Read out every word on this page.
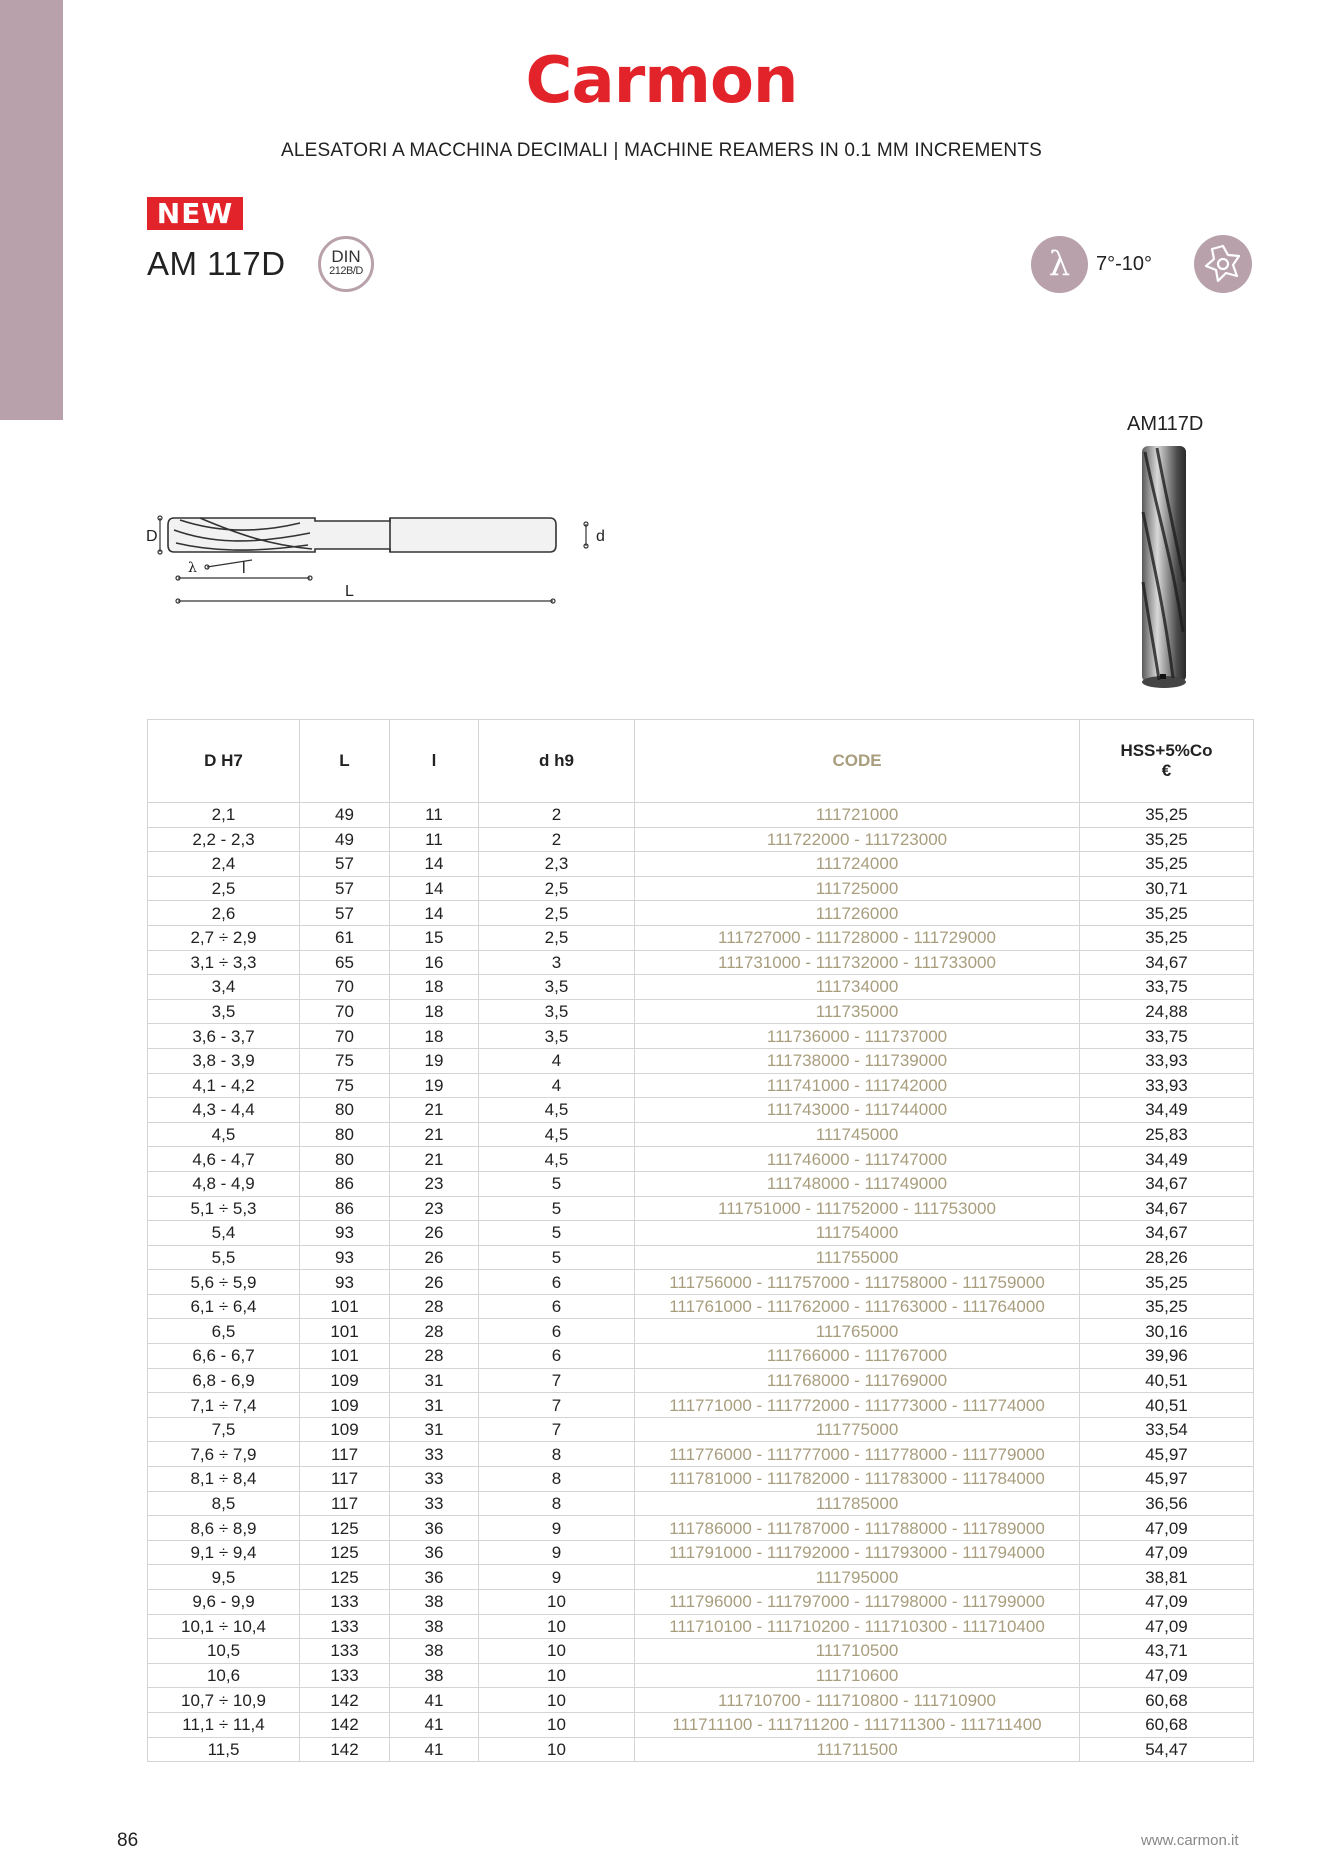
Carmon
ALESATORI A MACCHINA DECIMALI | MACHINE REAMERS IN 0.1 MM INCREMENTS
NEW
AM 117D	DIN
212B/D	λ	7°-10°
AM117D
D	d
l
L
λ
D H7	L	l	d h9	CODE	HSS+5%Co
€
2,1	49	11	2	111721000	35,25
2,2 - 2,3	49	11	2	111722000 - 111723000	35,25
2,4	57	14	2,3	111724000	35,25
2,5	57	14	2,5	111725000	30,71
2,6	57	14	2,5	111726000	35,25
2,7 ÷ 2,9	61	15	2,5	111727000 - 111728000 - 111729000	35,25
3,1 ÷ 3,3	65	16	3	111731000 - 111732000 - 111733000	34,67
3,4	70	18	3,5	111734000	33,75
3,5	70	18	3,5	111735000	24,88
3,6 - 3,7	70	18	3,5	111736000 - 111737000	33,75
3,8 - 3,9	75	19	4	111738000 - 111739000	33,93
4,1 - 4,2	75	19	4	111741000 - 111742000	33,93
4,3 - 4,4	80	21	4,5	111743000 - 111744000	34,49
4,5	80	21	4,5	111745000	25,83
4,6 - 4,7	80	21	4,5	111746000 - 111747000	34,49
4,8 - 4,9	86	23	5	111748000 - 111749000	34,67
5,1 ÷ 5,3	86	23	5	111751000 - 111752000 - 111753000	34,67
5,4	93	26	5	111754000	34,67
5,5	93	26	5	111755000	28,26
5,6 ÷ 5,9	93	26	6	111756000 - 111757000 - 111758000 - 111759000	35,25
6,1 ÷ 6,4	101	28	6	111761000 - 111762000 - 111763000 - 111764000	35,25
6,5	101	28	6	111765000	30,16
6,6 - 6,7	101	28	6	111766000 - 111767000	39,96
6,8 - 6,9	109	31	7	111768000 - 111769000	40,51
7,1 ÷ 7,4	109	31	7	111771000 - 111772000 - 111773000 - 111774000	40,51
7,5	109	31	7	111775000	33,54
7,6 ÷ 7,9	117	33	8	111776000 - 111777000 - 111778000 - 111779000	45,97
8,1 ÷ 8,4	117	33	8	111781000 - 111782000 - 111783000 - 111784000	45,97
8,5	117	33	8	111785000	36,56
8,6 ÷ 8,9	125	36	9	111786000 - 111787000 - 111788000 - 111789000	47,09
9,1 ÷ 9,4	125	36	9	111791000 - 111792000 - 111793000 - 111794000	47,09
9,5	125	36	9	111795000	38,81
9,6 - 9,9	133	38	10	111796000 - 111797000 - 111798000 - 111799000	47,09
10,1 ÷ 10,4	133	38	10	111710100 - 111710200 - 111710300 - 111710400	47,09
10,5	133	38	10	111710500	43,71
10,6	133	38	10	111710600	47,09
10,7 ÷ 10,9	142	41	10	111710700 - 111710800 - 111710900	60,68
11,1 ÷ 11,4	142	41	10	111711100 - 111711200 - 111711300 - 111711400	60,68
11,5	142	41	10	111711500	54,47
86	www.carmon.it
